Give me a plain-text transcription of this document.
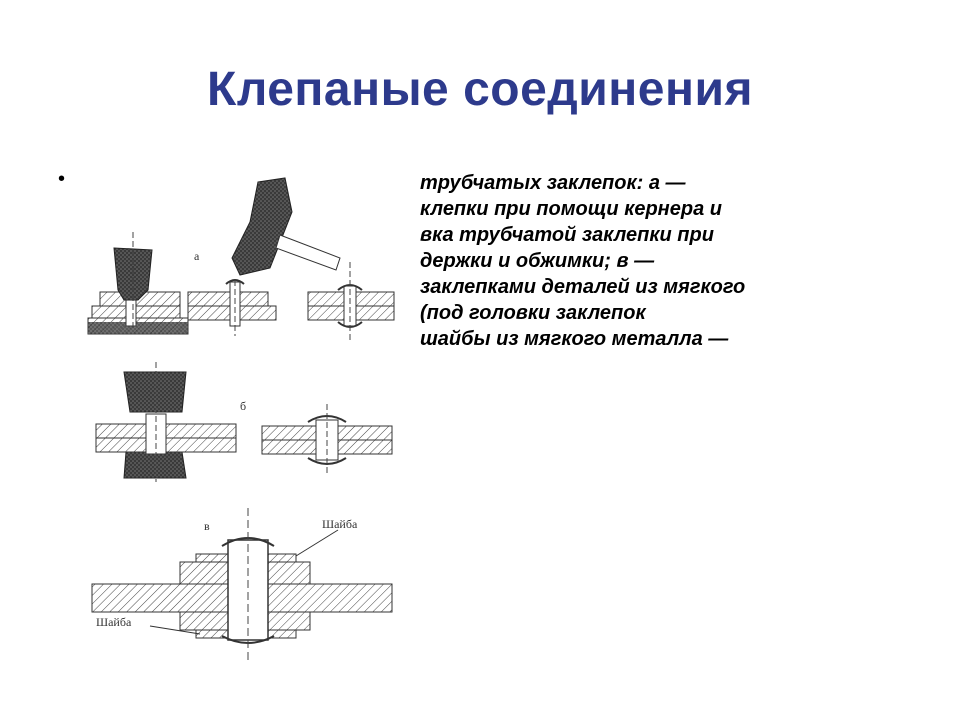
Клепаные соединения
•	трубчатых заклепок: а —
клепки при помощи кернера и
вка трубчатой заклепки при
держки и обжимки; в —
заклепками деталей из мягкого
(под головки заклепок
шайбы из мягкого металла —
а
б
в	Шайба
Шайба
